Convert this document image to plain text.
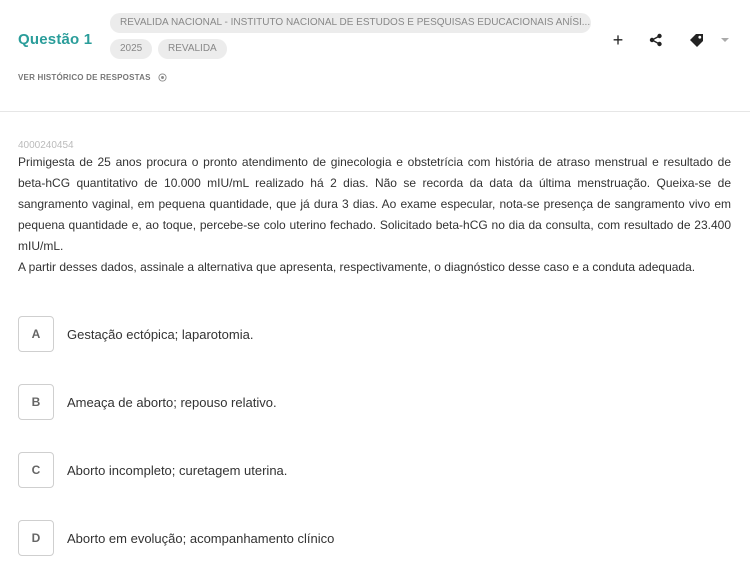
Questão 1
REVALIDA NACIONAL - INSTITUTO NACIONAL DE ESTUDOS E PESQUISAS EDUCACIONAIS ANÍSI...
2025	REVALIDA
VER HISTÓRICO DE RESPOSTAS
+
4000240454

Primigesta de 25 anos procura o pronto atendimento de ginecologia e obstetrícia com história de atraso menstrual e resultado de beta-hCG quantitativo de 10.000 mIU/mL realizado há 2 dias. Não se recorda da data da última menstruação. Queixa-se de sangramento vaginal, em pequena quantidade, que já dura 3 dias. Ao exame especular, nota-se presença de sangramento vivo em pequena quantidade e, ao toque, percebe-se colo uterino fechado. Solicitado beta-hCG no dia da consulta, com resultado de 23.400 mIU/mL.

A partir desses dados, assinale a alternativa que apresenta, respectivamente, o diagnóstico desse caso e a conduta adequada.

A	Gestação ectópica; laparotomia.
B	Ameaça de aborto; repouso relativo.
C	Aborto incompleto; curetagem uterina.
D	Aborto em evolução; acompanhamento clínico
